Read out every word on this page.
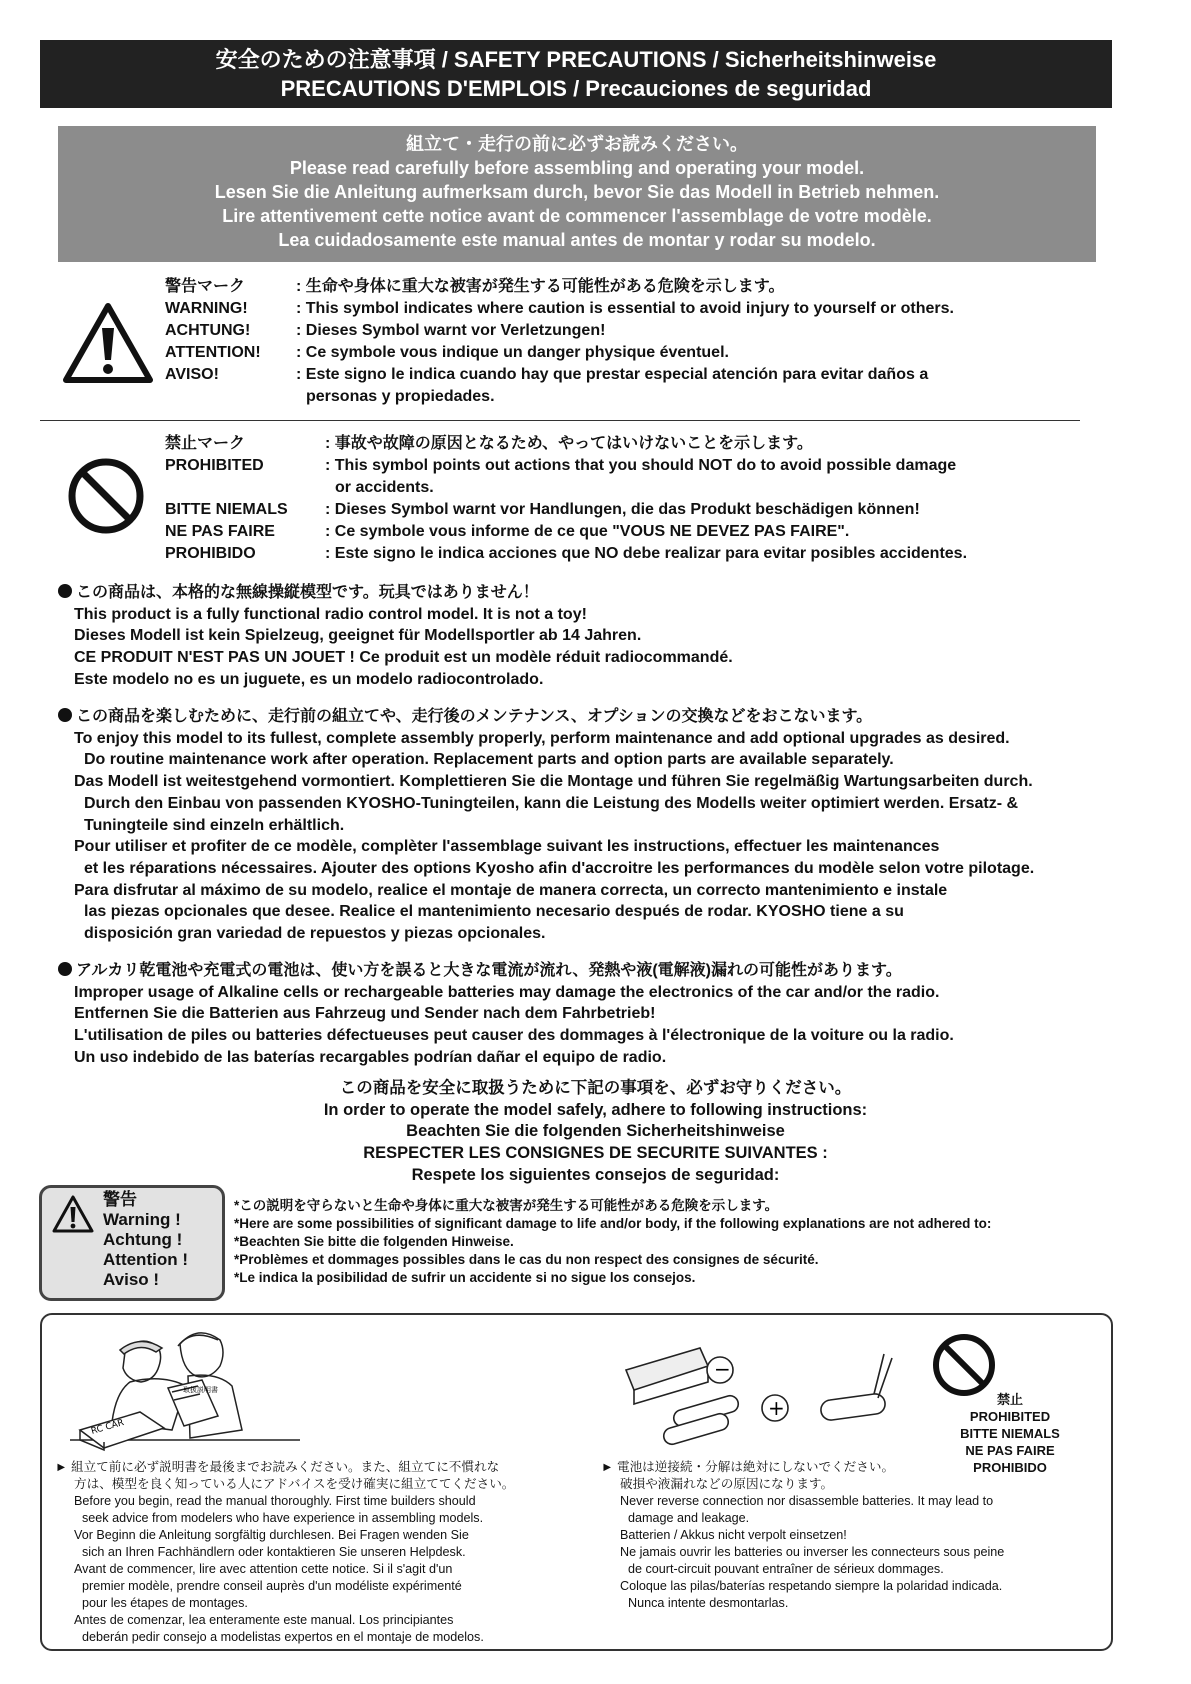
安全のための注意事項 / SAFETY PRECAUTIONS / Sicherheitshinweise
PRECAUTIONS D'EMPLOIS / Precauciones de seguridad
組立て・走行の前に必ずお読みください。
Please read carefully before assembling and operating your model.
Lesen Sie die Anleitung aufmerksam durch, bevor Sie das Modell in Betrieb nehmen.
Lire attentivement cette notice avant de commencer l'assemblage de votre modèle.
Lea cuidadosamente este manual antes de montar y rodar su modelo.
警告マーク
WARNING!
ACHTUNG!
ATTENTION!
AVISO!
: 生命や身体に重大な被害が発生する可能性がある危険を示します。
: This symbol indicates where caution is essential to avoid injury to yourself or others.
: Dieses Symbol warnt vor Verletzungen!
: Ce symbole vous indique un danger physique éventuel.
: Este signo le indica cuando hay que prestar especial atención para evitar daños a
personas y propiedades.
禁止マーク
PROHIBITED
BITTE NIEMALS
NE PAS FAIRE
PROHIBIDO
: 事故や故障の原因となるため、やってはいけないことを示します。
: This symbol points out actions that you should NOT do to avoid possible damage
or accidents.
: Dieses Symbol warnt vor Handlungen, die das Produkt beschädigen können!
: Ce symbole vous informe de ce que "VOUS NE DEVEZ PAS FAIRE".
: Este signo le indica acciones que NO debe realizar para evitar posibles accidentes.
この商品は、本格的な無線操縦模型です。玩具ではありません！
This product is a fully functional radio control model. It is not a toy!
Dieses Modell ist kein Spielzeug, geeignet für Modellsportler ab 14 Jahren.
CE PRODUIT N'EST PAS UN JOUET ! Ce produit est un modèle réduit radiocommandé.
Este modelo no es un juguete, es un modelo radiocontrolado.
この商品を楽しむために、走行前の組立てや、走行後のメンテナンス、オプションの交換などをおこないます。
To enjoy this model to its fullest, complete assembly properly, perform maintenance and add optional upgrades as desired.
Do routine maintenance work after operation. Replacement parts and option parts are available separately.
Das Modell ist weitestgehend vormontiert. Komplettieren Sie die Montage und führen Sie regelmäßig Wartungsarbeiten durch.
Durch den Einbau von passenden KYOSHO-Tuningteilen, kann die Leistung des Modells weiter optimiert werden. Ersatz- &
Tuningteile sind einzeln erhältlich.
Pour utiliser et profiter de ce modèle, complèter l'assemblage suivant les instructions, effectuer les maintenances
et les réparations nécessaires. Ajouter des options Kyosho afin d'accroitre les performances du modèle selon votre pilotage.
Para disfrutar al máximo de su modelo, realice el montaje de manera correcta, un correcto mantenimiento e instale
las piezas opcionales que desee. Realice el mantenimiento necesario después de rodar. KYOSHO tiene a su
disposición gran variedad de repuestos y piezas opcionales.
アルカリ乾電池や充電式の電池は、使い方を誤ると大きな電流が流れ、発熱や液(電解液)漏れの可能性があります。
Improper usage of Alkaline cells or rechargeable batteries may damage the electronics of the car and/or the radio.
Entfernen Sie die Batterien aus Fahrzeug und Sender nach dem Fahrbetrieb!
L'utilisation de piles ou batteries défectueuses peut causer des dommages à l'électronique de la voiture ou la radio.
Un uso indebido de las baterías recargables podrían dañar el equipo de radio.
この商品を安全に取扱うために下記の事項を、必ずお守りください。
In order to operate the model safely, adhere to following instructions:
Beachten Sie die folgenden Sicherheitshinweise
RESPECTER LES CONSIGNES DE SECURITE SUIVANTES :
Respete los siguientes consejos de seguridad:
警告
Warning !
Achtung !
Attention !
Aviso !
*この説明を守らないと生命や身体に重大な被害が発生する可能性がある危険を示します。
*Here are some possibilities of significant damage to life and/or body, if the following explanations are not adhered to:
*Beachten Sie bitte die folgenden Hinweise.
*Problèmes et dommages possibles dans le cas du non respect des consignes de sécurité.
*Le indica la posibilidad de sufrir un accidente si no sigue los consejos.
取扱説明書
RC CAR
−
+	禁止
PROHIBITED
BITTE NIEMALS
NE PAS FAIRE
PROHIBIDO
► 組立て前に必ず説明書を最後までお読みください。また、組立てに不慣れな
方は、模型を良く知っている人にアドバイスを受け確実に組立ててください。
Before you begin, read the manual thoroughly. First time builders should
seek advice from modelers who have experience in assembling models.
Vor Beginn die Anleitung sorgfältig durchlesen. Bei Fragen wenden Sie
sich an Ihren Fachhändlern oder kontaktieren Sie unseren Helpdesk.
Avant de commencer, lire avec attention cette notice. Si il s'agit d'un
premier modèle, prendre conseil auprès d'un modéliste expérimenté
pour les étapes de montages.
Antes de comenzar, lea enteramente este manual. Los principiantes
deberán pedir consejo a modelistas expertos en el montaje de modelos.
► 電池は逆接続・分解は絶対にしないでください。
破損や液漏れなどの原因になります。
Never reverse connection nor disassemble batteries. It may lead to
damage and leakage.
Batterien / Akkus nicht verpolt einsetzen!
Ne jamais ouvrir les batteries ou inverser les connecteurs sous peine
de court-circuit pouvant entraîner de sérieux dommages.
Coloque las pilas/baterías respetando siempre la polaridad indicada.
Nunca intente desmontarlas.
